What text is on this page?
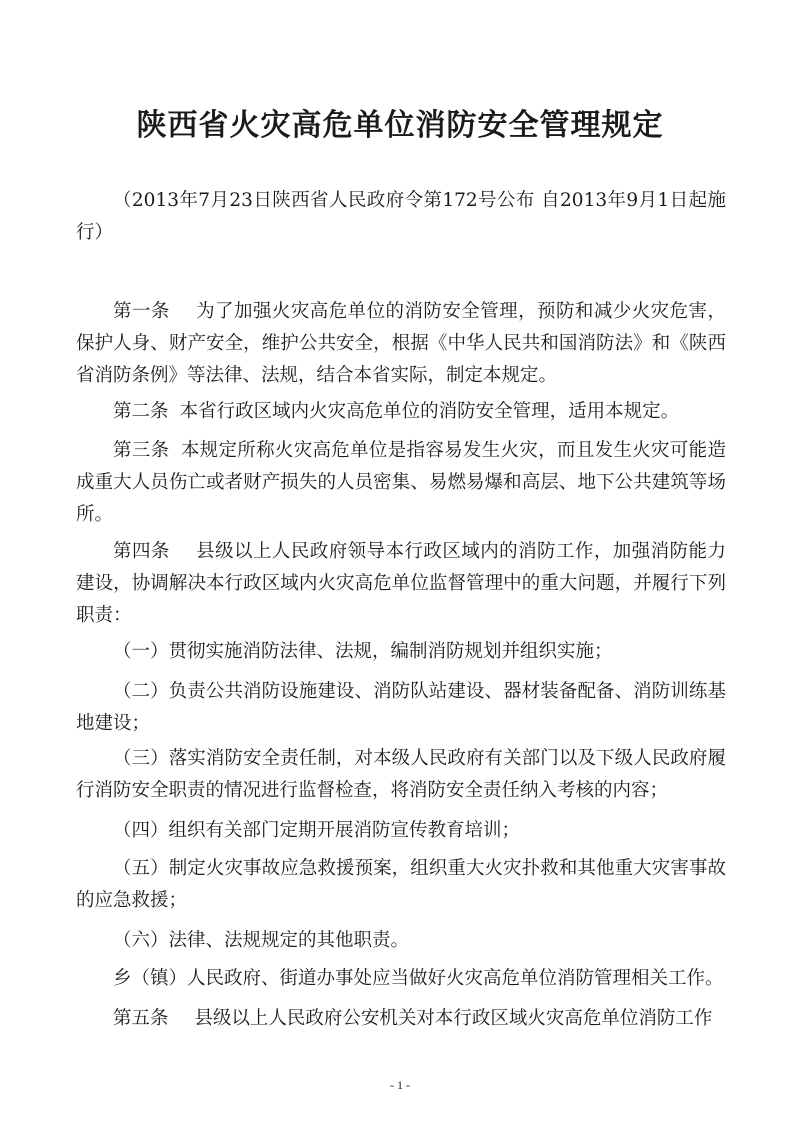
陕西省火灾高危单位消防安全管理规定
（2013年7月23日陕西省人民政府令第172号公布 自2013年9月1日起施行）
第一条 为了加强火灾高危单位的消防安全管理，预防和减少火灾危害，保护人身、财产安全，维护公共安全，根据《中华人民共和国消防法》和《陕西省消防条例》等法律、法规，结合本省实际，制定本规定。
第二条 本省行政区域内火灾高危单位的消防安全管理，适用本规定。
第三条 本规定所称火灾高危单位是指容易发生火灾，而且发生火灾可能造成重大人员伤亡或者财产损失的人员密集、易燃易爆和高层、地下公共建筑等场所。
第四条 县级以上人民政府领导本行政区域内的消防工作，加强消防能力建设，协调解决本行政区域内火灾高危单位监督管理中的重大问题，并履行下列职责：
（一）贯彻实施消防法律、法规，编制消防规划并组织实施；
（二）负责公共消防设施建设、消防队站建设、器材装备配备、消防训练基地建设；
（三）落实消防安全责任制，对本级人民政府有关部门以及下级人民政府履行消防安全职责的情况进行监督检查，将消防安全责任纳入考核的内容；
（四）组织有关部门定期开展消防宣传教育培训；
（五）制定火灾事故应急救援预案，组织重大火灾扑救和其他重大灾害事故的应急救援；
（六）法律、法规规定的其他职责。
乡（镇）人民政府、街道办事处应当做好火灾高危单位消防管理相关工作。
第五条 县级以上人民政府公安机关对本行政区域火灾高危单位消防工作
- 1 -
